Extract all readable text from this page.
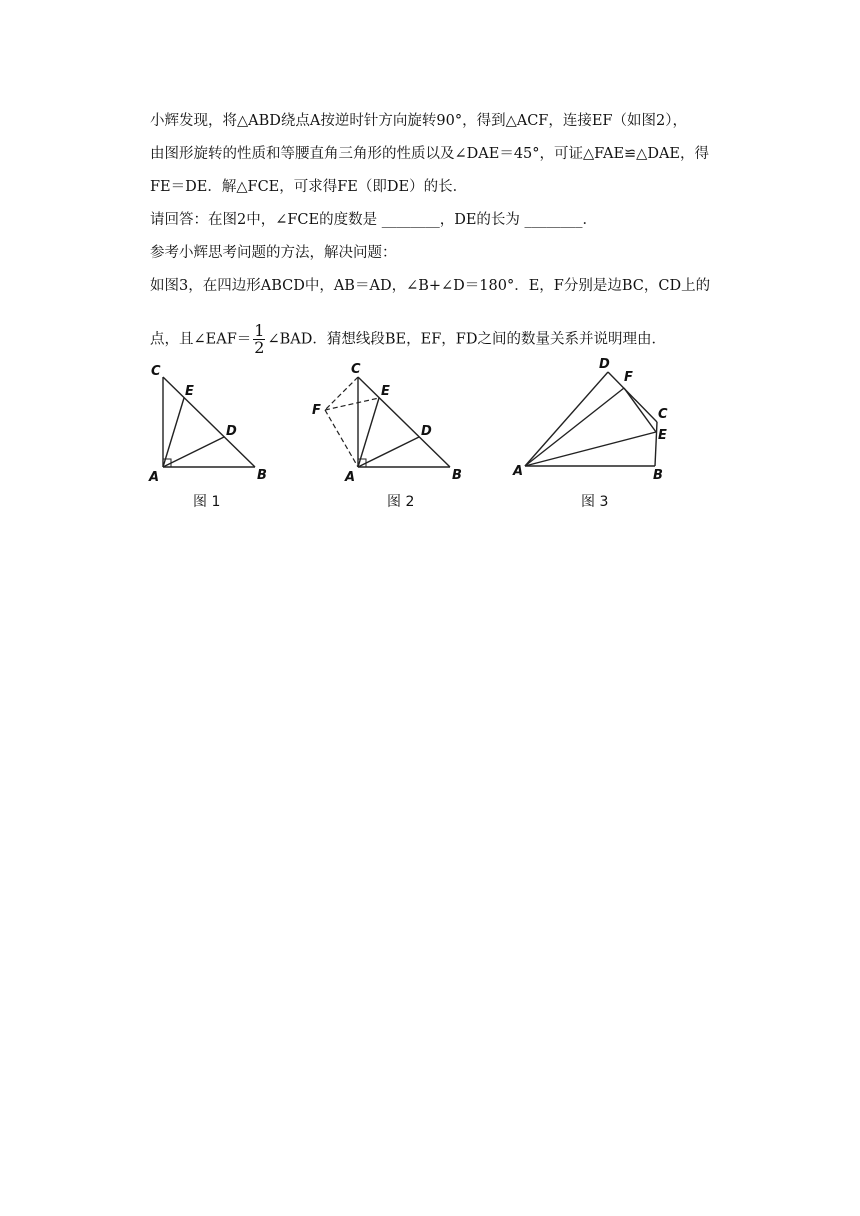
小辉发现，将△ABD绕点A按逆时针方向旋转90°，得到△ACF，连接EF（如图2），
由图形旋转的性质和等腰直角三角形的性质以及∠DAE＝45°，可证△FAE≌△DAE，得
FE＝DE．解△FCE，可求得FE（即DE）的长．
请回答：在图2中，∠FCE的度数是 ________，DE的长为 ________．
参考小辉思考问题的方法，解决问题：
如图3，在四边形ABCD中，AB＝AD，∠B+∠D＝180°．E，F分别是边BC，CD上的
点，且∠EAF＝ $\frac{1}{2}$ ∠BAD．猜想线段BE，EF，FD之间的数量关系并说明理由．
C
E
D
A	B
图 1
C
E
D
F
A	B
图 2
D
F
C
E
A	B
图 3
